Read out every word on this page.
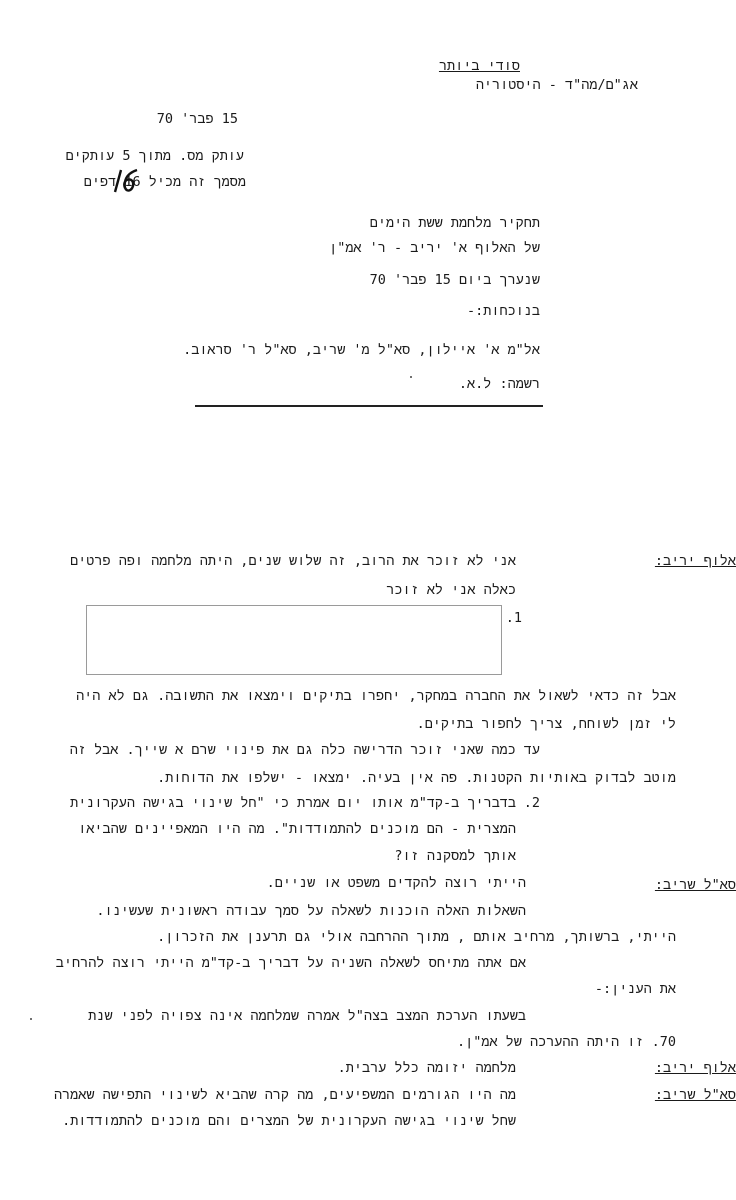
סודי ביותר
אג"ם/מה"ד - היסטוריה
15 פבר' 70
עותק מס. מתוך 5 עותקים
מסמך זה מכיל 16 דפים
תחקיר מלחמת ששת הימים
של האלוף א' יריב - ר' אמ"ן
שנערך ביום 15 פבר' 70
בנוכחות:-
אל"מ א' איילון, סא"ל מ' שריב, סא"ל ר' סראוב.
רשמה: ל.א.
אלוף יריב:
אני לא זוכר את הרוב, זה שלוש שנים, היתה מלחמה ופה פרטים
כאלה אני לא זוכר
1.
אבל זה כדאי לשאול את החברה במחקר, יחפרו בתיקים וימצאו את התשובה. גם לא היה
לי זמן לשוחח, צריך לחפור בתיקים.
עד כמה שאני זוכר הדרישה כלה גם את פינוי שרם א שייך. אבל זה
מוטב לבדוק באותיות הקטנות. פה אין בעיה. ימצאו - ישלפו את הדוחות.
2.
בדבריך ב-קד"מ אותו יום אמרת כי "חל שינוי בגישה העקרונית
המצרית - הם מוכנים להתמודדות". מה היו המאפיינים שהביאו
אותך למסקנה זו?
סא"ל שריב:
הייתי רוצה להקדים משפט או שניים.
השאלות האלה הוכנות לשאלה על סמך עבודה ראשונית שעשינו.
הייתי, ברשותך, מרחיב אותם , מתוך ההרחבה אולי גם תרענן את הזכרון.
אם אתה מתיחס לשאלה השניה על דבריך ב-קד"מ הייתי רוצה להרחיב
את הענין:-
בשעתו הערכת המצב בצה"ל אמרה שמלחמה אינה צפויה לפני שנת
70. זו היתה ההערכה של אמ"ן.
אלוף יריב:
מלחמה יזומה כלל ערבית.
סא"ל שריב:
מה היו הגורמים המשפיעים, מה קרה שהביא לשינוי התפישה שאמרה
שחל שינוי בגישה העקרונית של המצרים והם מוכנים להתמודדות.
